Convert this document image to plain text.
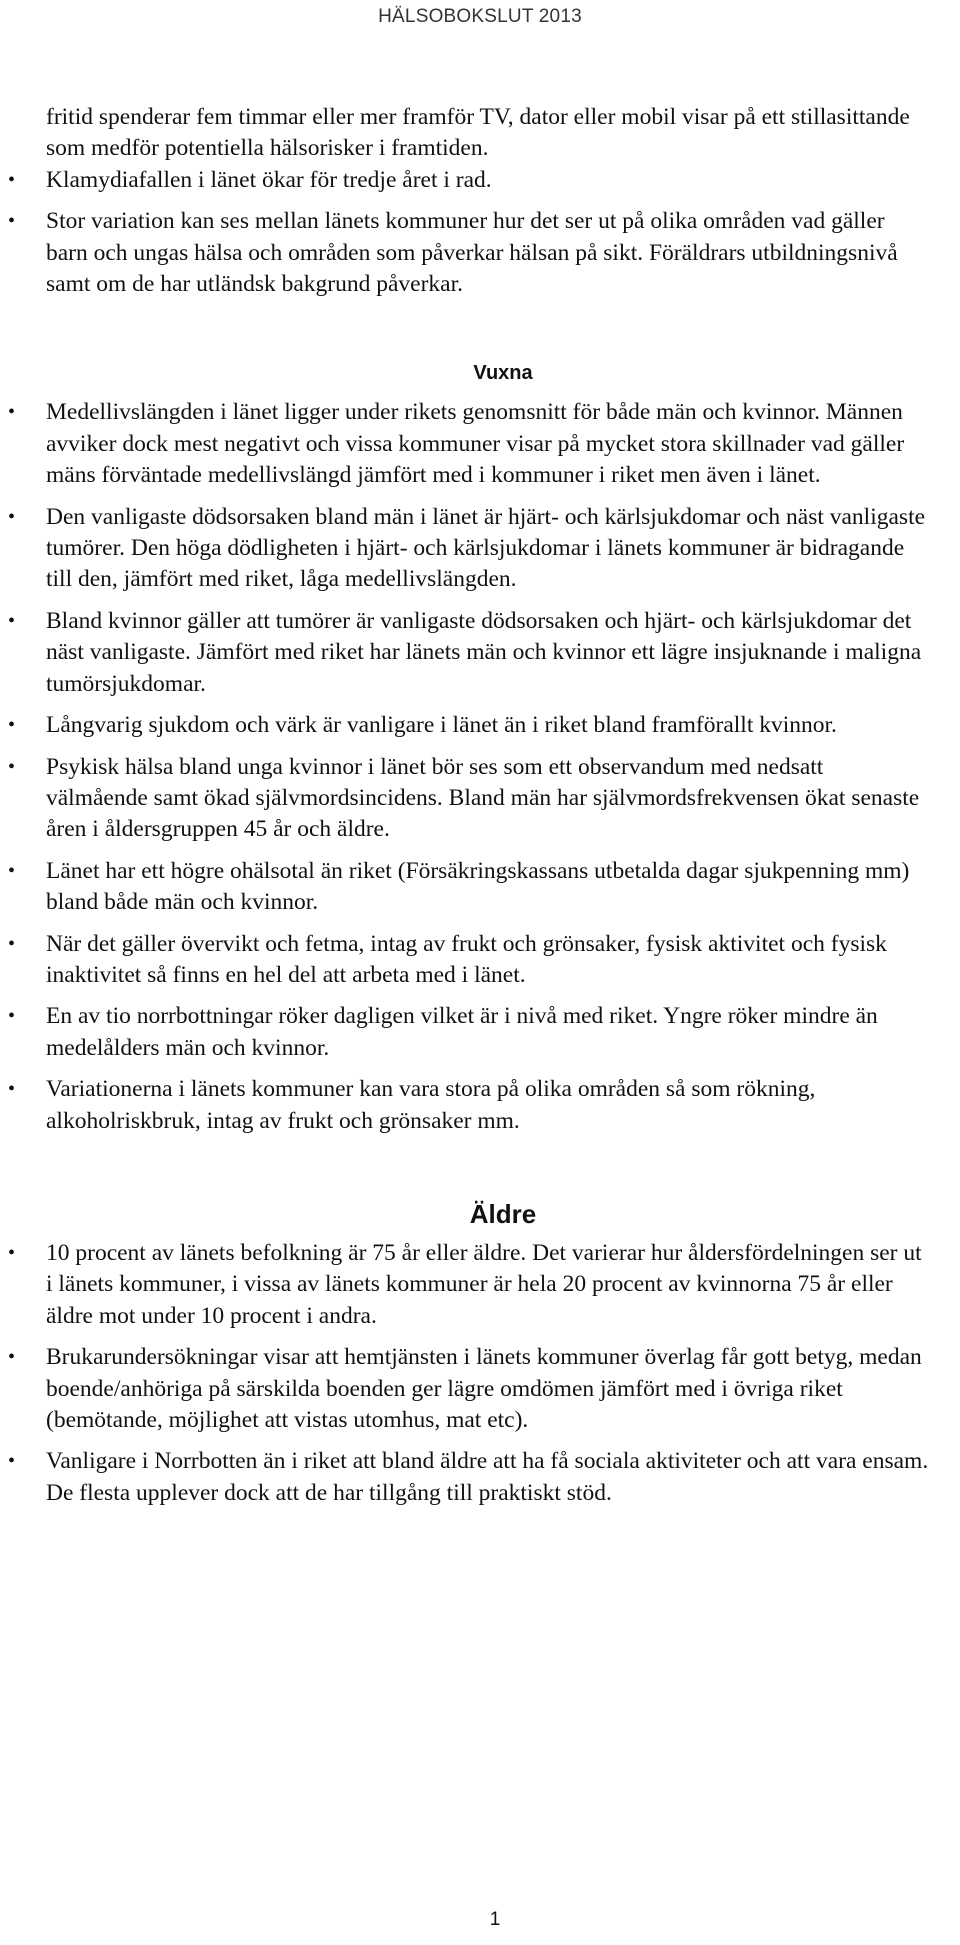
HÄLSOBOKSLUT 2013

fritid spenderar fem timmar eller mer framför TV, dator eller mobil visar på ett stillasittande som medför potentiella hälsorisker i framtiden.

• Klamydiafallen i länet ökar för tredje året i rad.

• Stor variation kan ses mellan länets kommuner hur det ser ut på olika områden vad gäller barn och ungas hälsa och områden som påverkar hälsan på sikt. Föräldrars utbildningsnivå samt om de har utländsk bakgrund påverkar.

Vuxna

• Medellivslängden i länet ligger under rikets genomsnitt för både män och kvinnor. Männen avviker dock mest negativt och vissa kommuner visar på mycket stora skillnader vad gäller mäns förväntade medellivslängd jämfört med i kommuner i riket men även i länet.

• Den vanligaste dödsorsaken bland män i länet är hjärt- och kärlsjukdomar och näst vanligaste tumörer. Den höga dödligheten i hjärt- och kärlsjukdomar i länets kommuner är bidragande till den, jämfört med riket, låga medellivslängden.

• Bland kvinnor gäller att tumörer är vanligaste dödsorsaken och hjärt- och kärlsjukdomar det näst vanligaste. Jämfört med riket har länets män och kvinnor ett lägre insjuknande i maligna tumörsjukdomar.

• Långvarig sjukdom och värk är vanligare i länet än i riket bland framförallt kvinnor.

• Psykisk hälsa bland unga kvinnor i länet bör ses som ett observandum med nedsatt välmående samt ökad självmordsincidens. Bland män har självmordsfrekvensen ökat senaste åren i åldersgruppen 45 år och äldre.

• Länet har ett högre ohälsotal än riket (Försäkringskassans utbetalda dagar sjukpenning mm) bland både män och kvinnor.

• När det gäller övervikt och fetma, intag av frukt och grönsaker, fysisk aktivitet och fysisk inaktivitet så finns en hel del att arbeta med i länet.

• En av tio norrbottningar röker dagligen vilket är i nivå med riket. Yngre röker mindre än medelålders män och kvinnor.

• Variationerna i länets kommuner kan vara stora på olika områden så som rökning, alkoholriskbruk, intag av frukt och grönsaker mm.

Äldre

• 10 procent av länets befolkning är 75 år eller äldre. Det varierar hur åldersfördelningen ser ut i länets kommuner, i vissa av länets kommuner är hela 20 procent av kvinnorna 75 år eller äldre mot under 10 procent i andra.

• Brukarundersökningar visar att hemtjänsten i länets kommuner överlag får gott betyg, medan boende/anhöriga på särskilda boenden ger lägre omdömen jämfört med i övriga riket (bemötande, möjlighet att vistas utomhus, mat etc).

• Vanligare i Norrbotten än i riket att bland äldre att ha få sociala aktiviteter och att vara ensam. De flesta upplever dock att de har tillgång till praktiskt stöd.

1
